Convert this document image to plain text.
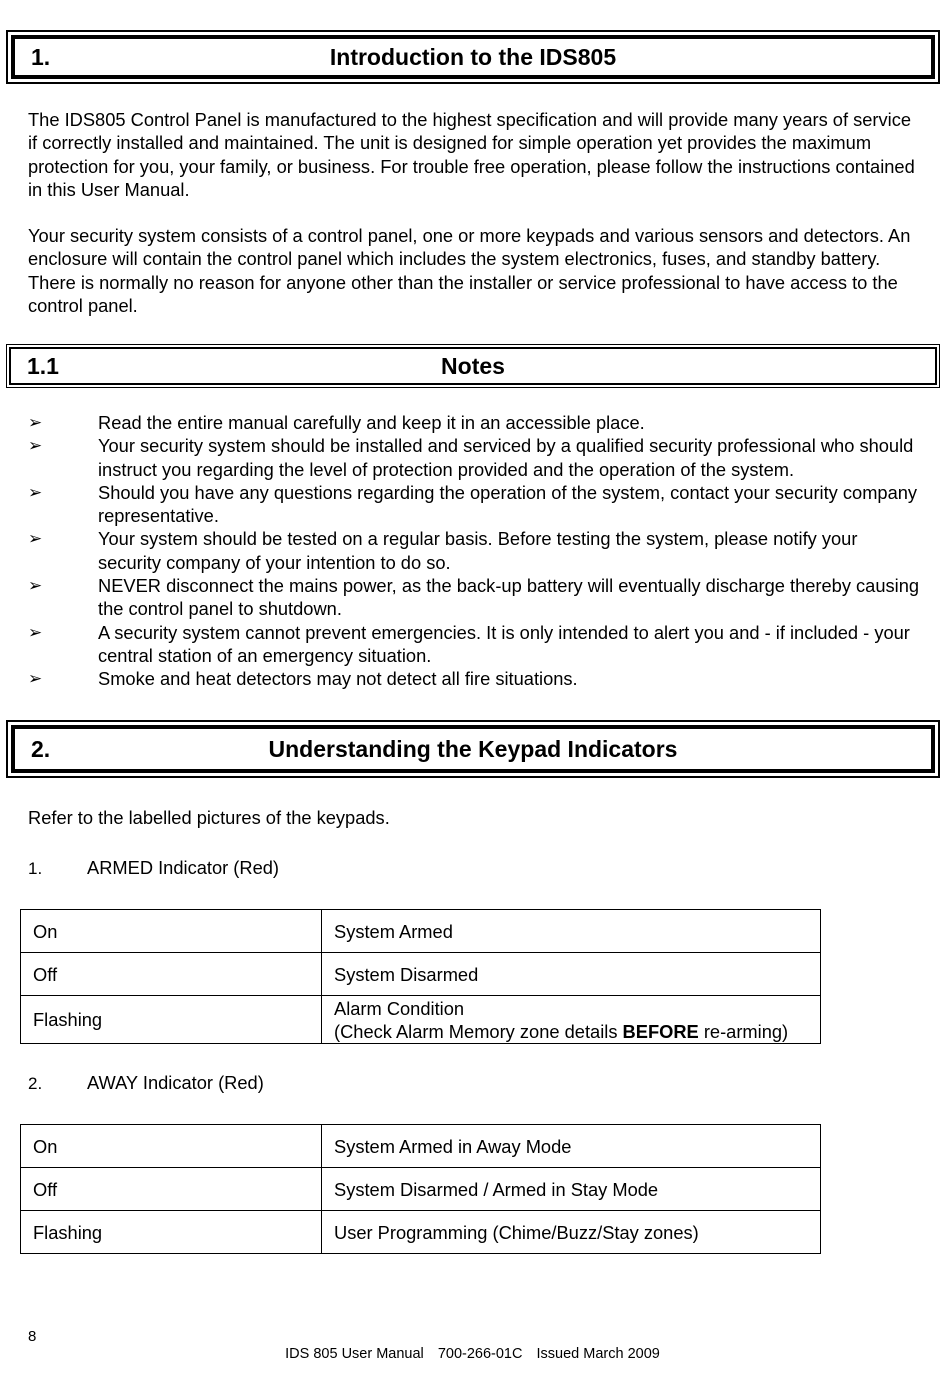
1.	Introduction to the IDS805

The IDS805 Control Panel is manufactured to the highest specification and will provide many years of service if correctly installed and maintained. The unit is designed for simple operation yet provides the maximum protection for you, your family, or business. For trouble free operation, please follow the instructions contained in this User Manual.

Your security system consists of a control panel, one or more keypads and various sensors and detectors. An enclosure will contain the control panel which includes the system electronics, fuses, and standby battery. There is normally no reason for anyone other than the installer or service professional to have access to the control panel.

1.1	Notes
➢	Read the entire manual carefully and keep it in an accessible place.
➢	Your security system should be installed and serviced by a qualified security professional who should instruct you regarding the level of protection provided and the operation of the system.
➢	Should you have any questions regarding the operation of the system, contact your security company representative.
➢	Your system should be tested on a regular basis. Before testing the system, please notify your security company of your intention to do so.
➢	NEVER disconnect the mains power, as the back-up battery will eventually discharge thereby causing the control panel to shutdown.
➢	A security system cannot prevent emergencies. It is only intended to alert you and - if included - your central station of an emergency situation.
➢	Smoke and heat detectors may not detect all fire situations.
2.	Understanding the Keypad Indicators

Refer to the labelled pictures of the keypads.

1. ARMED Indicator (Red)
On	System Armed
Off	System Disarmed
Flashing	Alarm Condition
(Check Alarm Memory zone details BEFORE re-arming)
2. AWAY Indicator (Red)
On	System Armed in Away Mode
Off	System Disarmed / Armed in Stay Mode
Flashing	User Programming (Chime/Buzz/Stay zones)
8
IDS 805 User Manual 700-266-01C Issued March 2009
